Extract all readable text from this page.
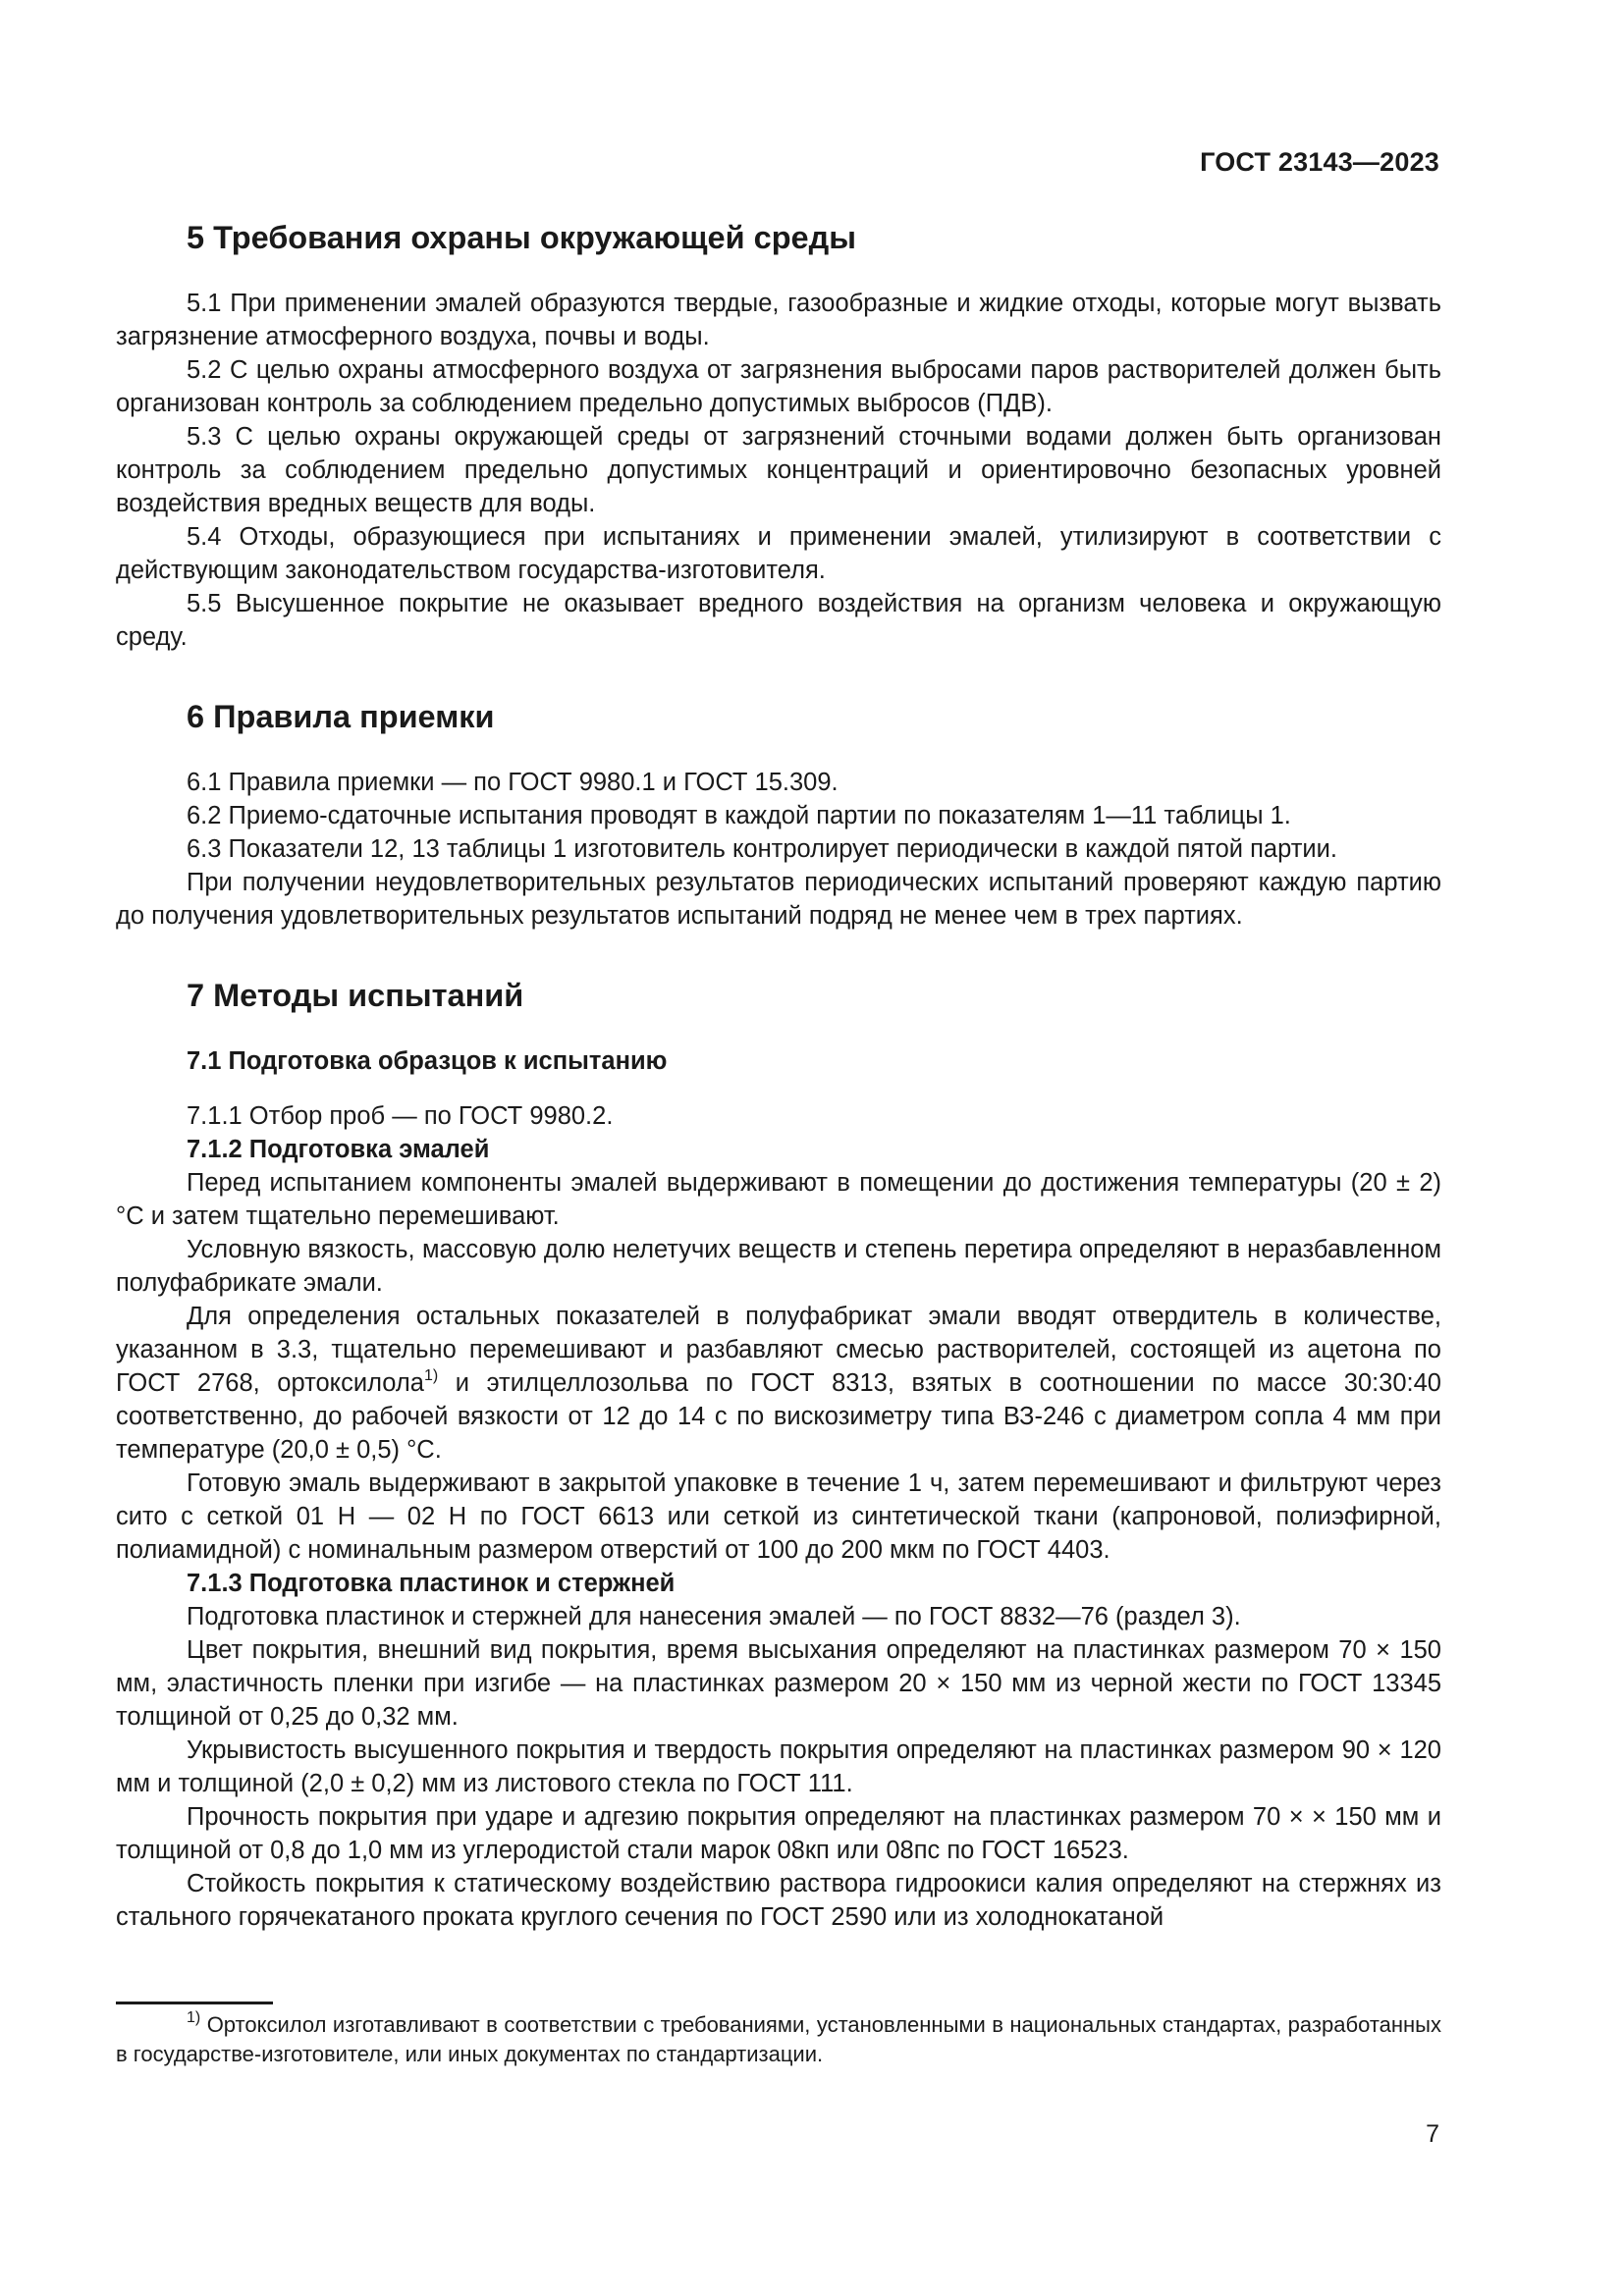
ГОСТ 23143—2023
5 Требования охраны окружающей среды

5.1 При применении эмалей образуются твердые, газообразные и жидкие отходы, которые могут вызвать загрязнение атмосферного воздуха, почвы и воды.

5.2 С целью охраны атмосферного воздуха от загрязнения выбросами паров растворителей должен быть организован контроль за соблюдением предельно допустимых выбросов (ПДВ).

5.3 С целью охраны окружающей среды от загрязнений сточными водами должен быть организован контроль за соблюдением предельно допустимых концентраций и ориентировочно безопасных уровней воздействия вредных веществ для воды.

5.4 Отходы, образующиеся при испытаниях и применении эмалей, утилизируют в соответствии с действующим законодательством государства-изготовителя.

5.5 Высушенное покрытие не оказывает вредного воздействия на организм человека и окружающую среду.

6 Правила приемки

6.1 Правила приемки — по ГОСТ 9980.1 и ГОСТ 15.309.

6.2 Приемо-сдаточные испытания проводят в каждой партии по показателям 1—11 таблицы 1.

6.3 Показатели 12, 13 таблицы 1 изготовитель контролирует периодически в каждой пятой партии.

При получении неудовлетворительных результатов периодических испытаний проверяют каждую партию до получения удовлетворительных результатов испытаний подряд не менее чем в трех партиях.

7 Методы испытаний
7.1 Подготовка образцов к испытанию

7.1.1 Отбор проб — по ГОСТ 9980.2.

7.1.2 Подготовка эмалей

Перед испытанием компоненты эмалей выдерживают в помещении до достижения температуры (20 ± 2) °С и затем тщательно перемешивают.

Условную вязкость, массовую долю нелетучих веществ и степень перетира определяют в неразбавленном полуфабрикате эмали.

Для определения остальных показателей в полуфабрикат эмали вводят отвердитель в количестве, указанном в 3.3, тщательно перемешивают и разбавляют смесью растворителей, состоящей из ацетона по ГОСТ 2768, ортоксилола$^{1)}$ и этилцеллозольва по ГОСТ 8313, взятых в соотношении по массе 30:30:40 соответственно, до рабочей вязкости от 12 до 14 с по вискозиметру типа ВЗ-246 с диаметром сопла 4 мм при температуре (20,0 ± 0,5) °С.

Готовую эмаль выдерживают в закрытой упаковке в течение 1 ч, затем перемешивают и фильтруют через сито с сеткой 01 Н — 02 Н по ГОСТ 6613 или сеткой из синтетической ткани (капроновой, полиэфирной, полиамидной) с номинальным размером отверстий от 100 до 200 мкм по ГОСТ 4403.

7.1.3 Подготовка пластинок и стержней

Подготовка пластинок и стержней для нанесения эмалей — по ГОСТ 8832—76 (раздел 3).

Цвет покрытия, внешний вид покрытия, время высыхания определяют на пластинках размером 70 × 150 мм, эластичность пленки при изгибе — на пластинках размером 20 × 150 мм из черной жести по ГОСТ 13345 толщиной от 0,25 до 0,32 мм.

Укрывистость высушенного покрытия и твердость покрытия определяют на пластинках размером 90 × 120 мм и толщиной (2,0 ± 0,2) мм из листового стекла по ГОСТ 111.

Прочность покрытия при ударе и адгезию покрытия определяют на пластинках размером 70 × × 150 мм и толщиной от 0,8 до 1,0 мм из углеродистой стали марок 08кп или 08пс по ГОСТ 16523.

Стойкость покрытия к статическому воздействию раствора гидроокиси калия определяют на стержнях из стального горячекатаного проката круглого сечения по ГОСТ 2590 или из холоднокатаной

$^{1)}$ Ортоксилол изготавливают в соответствии с требованиями, установленными в национальных стандартах, разработанных в государстве-изготовителе, или иных документах по стандартизации.
7
